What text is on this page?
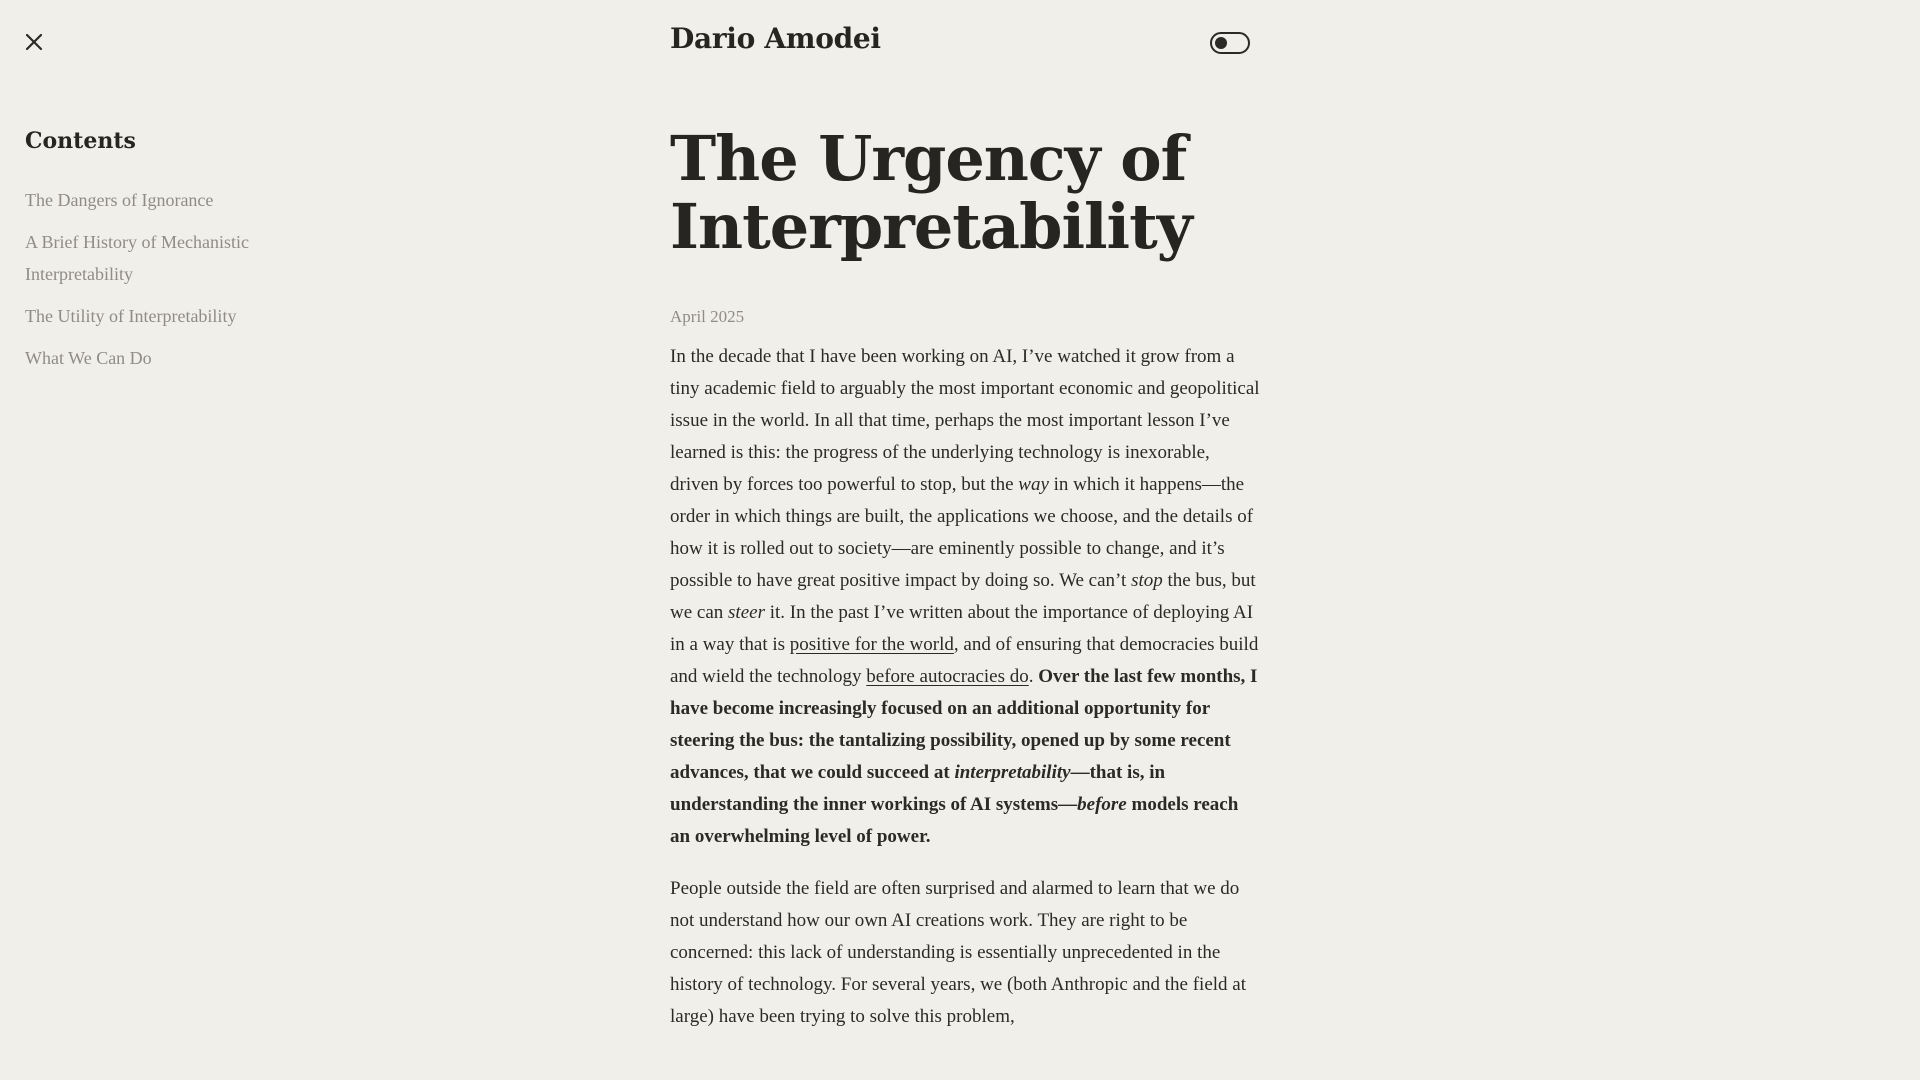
Dario Amodei
Contents
The Dangers of Ignorance
A Brief History of Mechanistic Interpretability
The Utility of Interpretability
What We Can Do
The Urgency of Interpretability
April 2025

In the decade that I have been working on AI, I’ve watched it grow from a tiny academic field to arguably the most important economic and geopolitical issue in the world. In all that time, perhaps the most important lesson I’ve learned is this: the progress of the underlying technology is inexorable, driven by forces too powerful to stop, but the way in which it happens—the order in which things are built, the applications we choose, and the details of how it is rolled out to society—are eminently possible to change, and it’s possible to have great positive impact by doing so. We can’t stop the bus, but we can steer it. In the past I’ve written about the importance of deploying AI in a way that is positive for the world, and of ensuring that democracies build and wield the technology before autocracies do. Over the last few months, I have become increasingly focused on an additional opportunity for steering the bus: the tantalizing possibility, opened up by some recent advances, that we could succeed at interpretability—that is, in understanding the inner workings of AI systems—before models reach an overwhelming level of power.

People outside the field are often surprised and alarmed to learn that we do not understand how our own AI creations work. They are right to be concerned: this lack of understanding is essentially unprecedented in the history of technology. For several years, we (both Anthropic and the field at large) have been trying to solve this problem,
